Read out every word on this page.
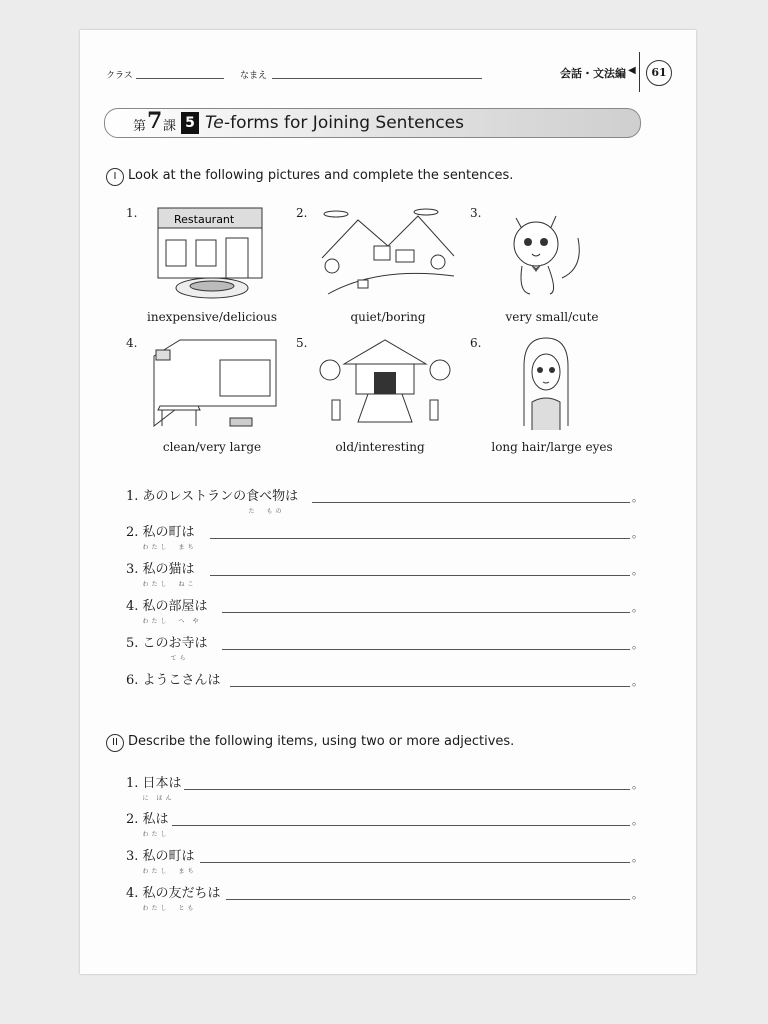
クラス	なまえ	会話・文法編 ◀	61
第 7 課 5 Te -forms for Joining Sentences
I Look at the following pictures and complete the sentences.
1.	Restaurant
inexpensive/delicious
2.
quiet/boring
3.
very small/cute
4.
clean/very large
5.
old/interesting
6.
long hair/large eyes
1. あのレストランの食べ物は
た　もの
。
2. 私の町は
わたし　まち
。
3. 私の猫は
わたし　ねこ
。
4. 私の部屋は
わたし　へ や
。
5. このお寺は
てら
。
6. ようこさんは	。
II Describe the following items, using two or more adjectives.
1. 日本は
に ほん
。
2. 私は
わたし
。
3. 私の町は
わたし　まち
。
4. 私の友だちは
わたし　とも
。
